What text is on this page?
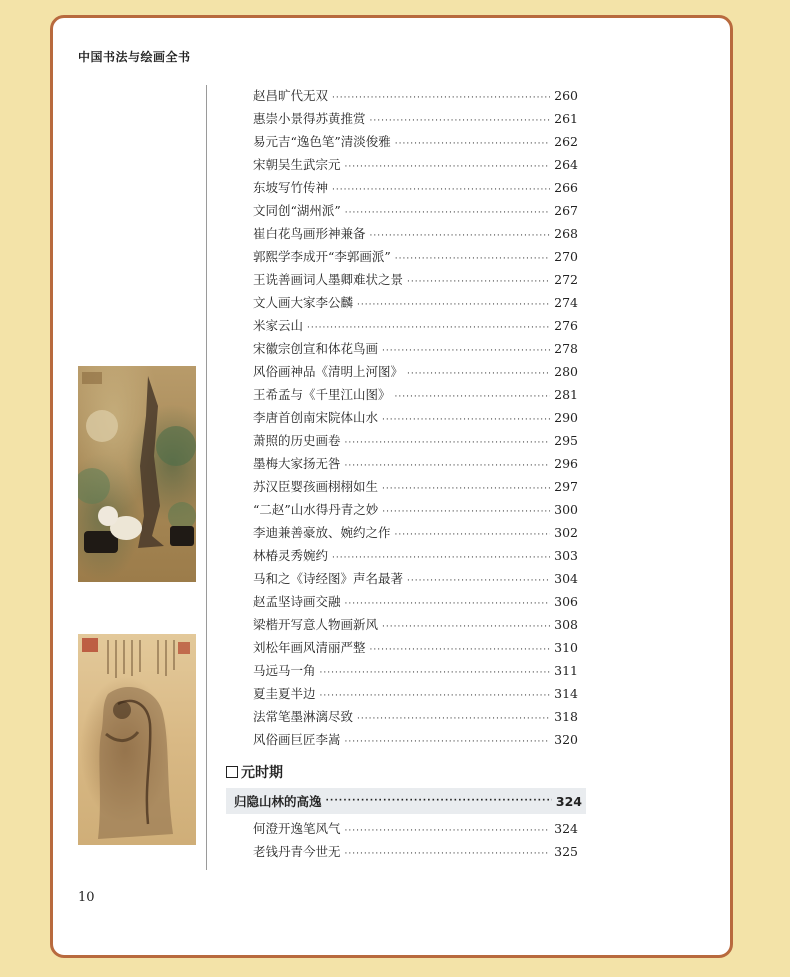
中国书法与绘画全书
赵昌旷代无双 ·····	260
惠崇小景得苏黄推赏 ·····	261
易元吉“逸色笔”清淡俊雅 ·····	262
宋朝吴生武宗元 ·····	264
东坡写竹传神 ·····	266
文同创“湖州派” ·····	267
崔白花鸟画形神兼备 ·····	268
郭熙学李成开“李郭画派” ·····	270
王诜善画词人墨卿难状之景 ·····	272
文人画大家李公麟 ·····	274
米家云山 ·····	276
宋徽宗创宣和体花鸟画 ·····	278
风俗画神品《清明上河图》 ·····	280
王希孟与《千里江山图》 ·····	281
李唐首创南宋院体山水 ·····	290
萧照的历史画卷 ·····	295
墨梅大家扬无咎 ·····	296
苏汉臣婴孩画栩栩如生 ·····	297
“二赵”山水得丹青之妙 ·····	300
李迪兼善豪放、婉约之作 ·····	302
林椿灵秀婉约 ·····	303
马和之《诗经图》声名最著 ·····	304
赵孟坚诗画交融 ·····	306
梁楷开写意人物画新风 ·····	308
刘松年画风清丽严整 ·····	310
马远马一角 ·····	311
夏圭夏半边 ·····	314
法常笔墨淋漓尽致 ·····	318
风俗画巨匠李嵩 ·····	320
元时期
归隐山林的高逸 ·····	324
何澄开逸笔风气 ·····	324
老钱丹青今世无 ·····	325
10
